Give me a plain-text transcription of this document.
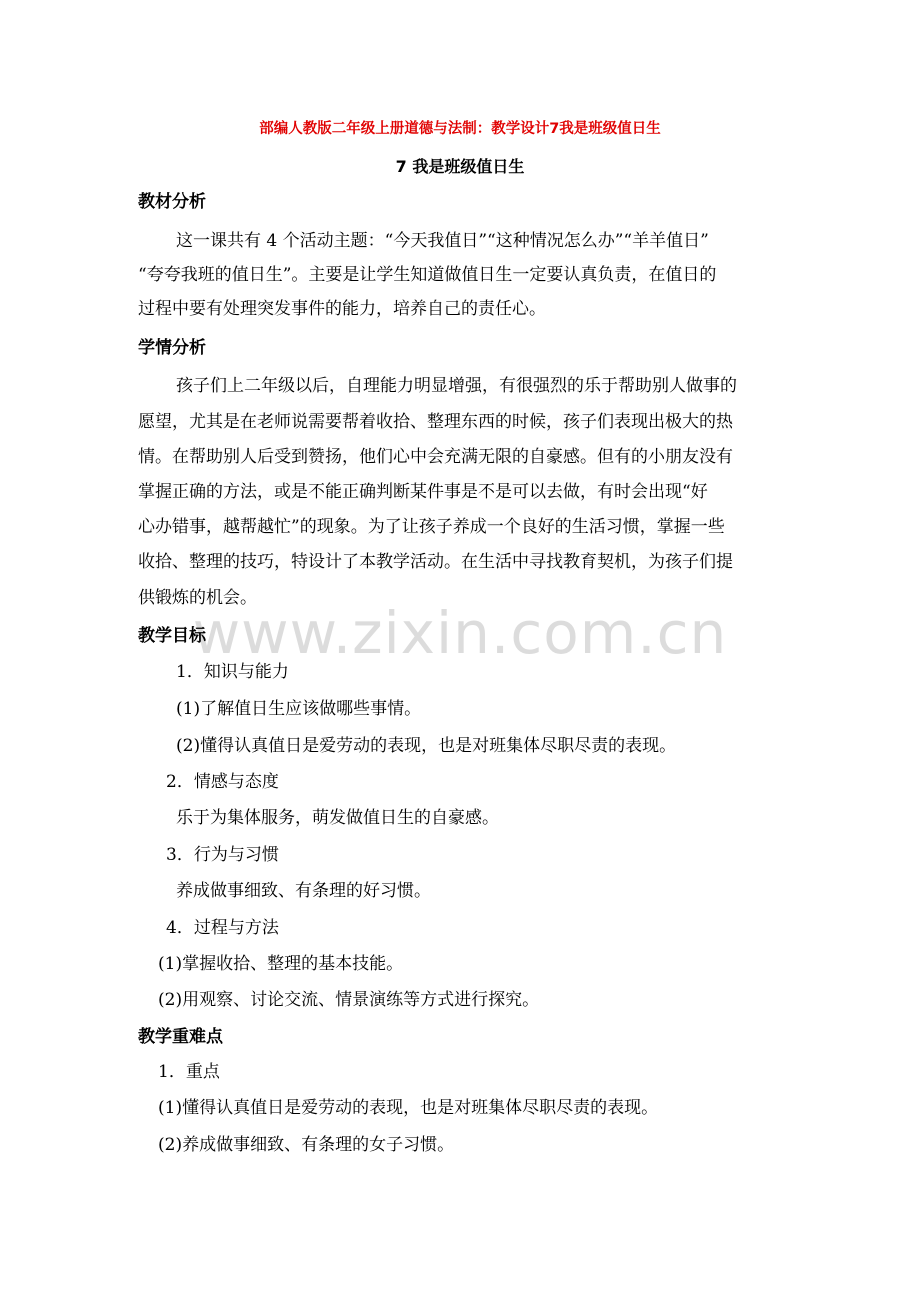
www.zixin.com.cn
部编人教版二年级上册道德与法制：教学设计7我是班级值日生
7 我是班级值日生
教材分析
这一课共有 4 个活动主题：“今天我值日”“这种情况怎么办”“羊羊值日”
“夸夸我班的值日生”。主要是让学生知道做值日生一定要认真负责，在值日的
过程中要有处理突发事件的能力，培养自己的责任心。
学情分析
孩子们上二年级以后，自理能力明显增强，有很强烈的乐于帮助别人做事的
愿望，尤其是在老师说需要帮着收拾、整理东西的时候，孩子们表现出极大的热
情。在帮助别人后受到赞扬，他们心中会充满无限的自豪感。但有的小朋友没有
掌握正确的方法，或是不能正确判断某件事是不是可以去做，有时会出现“好
心办错事，越帮越忙”的现象。为了让孩子养成一个良好的生活习惯，掌握一些
收拾、整理的技巧，特设计了本教学活动。在生活中寻找教育契机，为孩子们提
供锻炼的机会。
教学目标
1．知识与能力
(1)了解值日生应该做哪些事情。
(2)懂得认真值日是爱劳动的表现，也是对班集体尽职尽责的表现。
2．情感与态度
乐于为集体服务，萌发做值日生的自豪感。
3．行为与习惯
养成做事细致、有条理的好习惯。
4．过程与方法
(1)掌握收拾、整理的基本技能。
(2)用观察、讨论交流、情景演练等方式进行探究。
教学重难点
1．重点
(1)懂得认真值日是爱劳动的表现，也是对班集体尽职尽责的表现。
(2)养成做事细致、有条理的女子习惯。
